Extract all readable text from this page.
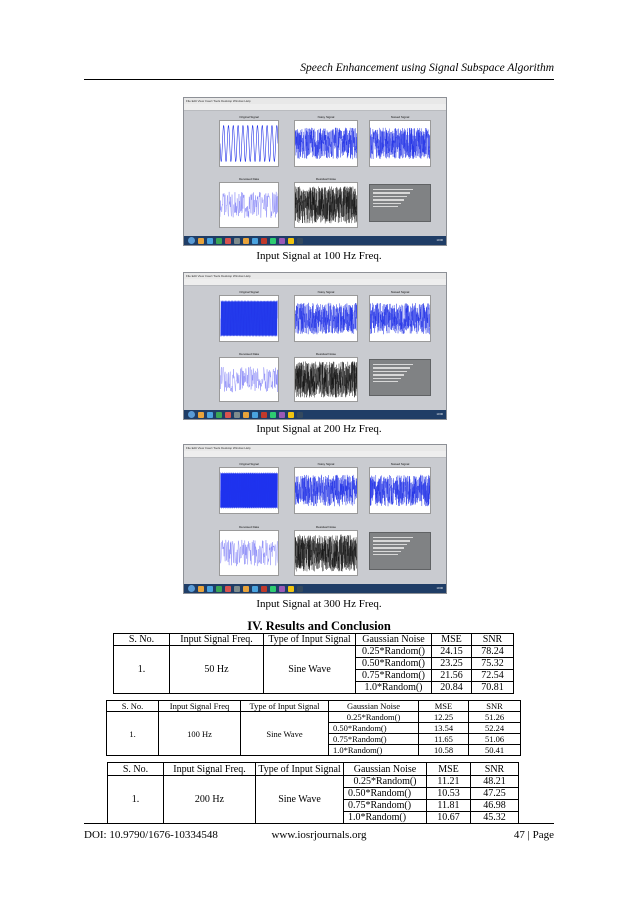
Speech Enhancement using Signal Subspace Algorithm
File Edit View Insert Tools Desktop Window Help
Original Signal	Noisy Signal	Noised Signal
Denoised Data	Residual Noise
10:00
Input Signal at 100 Hz Freq.
File Edit View Insert Tools Desktop Window Help
Original Signal	Noisy Signal	Noised Signal
Denoised Data	Residual Noise
10:00
Input Signal at 200 Hz Freq.
File Edit View Insert Tools Desktop Window Help
Original Signal	Noisy Signal	Noised Signal
Denoised Data	Residual Noise
10:00
Input Signal at 300 Hz Freq.
IV. Results and Conclusion
S. No.	Input Signal Freq.	Type of Input Signal	Gaussian Noise	MSE	SNR
1.	50 Hz	Sine Wave	0.25*Random()	24.15	78.24
			0.50*Random()	23.25	75.32
			0.75*Random()	21.56	72.54
			1.0*Random()	20.84	70.81
S. No.	Input Signal Freq	Type of Input Signal	Gaussian Noise	MSE	SNR
1.	100 Hz	Sine Wave	0.25*Random()	12.25	51.26
			0.50*Random()	13.54	52.24
			0.75*Random()	11.65	51.06
			1.0*Random()	10.58	50.41
S. No.	Input Signal Freq.	Type of Input Signal	Gaussian Noise	MSE	SNR
1.	200 Hz	Sine Wave	0.25*Random()	11.21	48.21
			0.50*Random()	10.53	47.25
			0.75*Random()	11.81	46.98
			1.0*Random()	10.67	45.32
DOI: 10.9790/1676-10334548	www.iosrjournals.org	47 | Page
